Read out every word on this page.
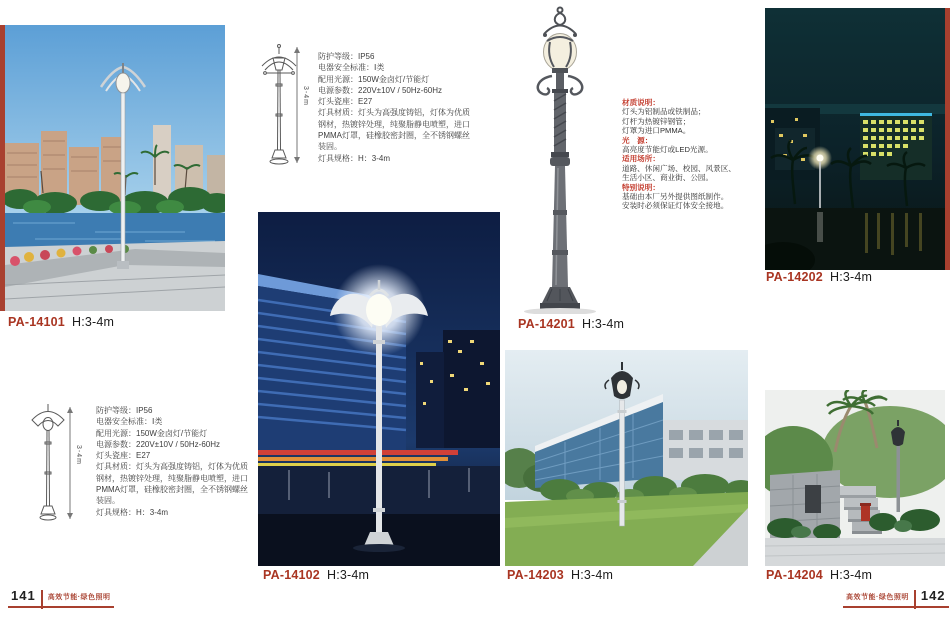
PA-14101 H:3-4m
3-4m
防护等级：IP56
电器安全标准：Ⅰ类
配用光源：150W金卤灯/节能灯
电源参数：220V±10V / 50Hz-60Hz
灯头瓷座：E27
灯具材质：灯头为高强度铸铝，灯体为优质
钢材，热镀锌处理，纯聚脂静电喷塑，进口
PMMA灯罩，硅橡胶密封圈，全不锈钢螺丝
装固。
灯具规格：H：3-4m
3-4m
防护等级：IP56
电器安全标准：Ⅰ类
配用光源：150W金卤灯/节能灯
电源参数：220V±10V / 50Hz-60Hz
灯头瓷座：E27
灯具材质：灯头为高强度铸铝，灯体为优质
钢材，热镀锌处理，纯聚脂静电喷塑，进口
PMMA灯罩，硅橡胶密封圈，全不锈钢螺丝
装固。
灯具规格：H：3-4m
PA-14102 H:3-4m
PA-14201 H:3-4m
材质说明：
灯头为铝制品或铁制品；
灯杆为热镀锌钢管；
灯罩为进口PMMA。
光　源：
高亮度节能灯或LED光源。
适用场所：
道路、休闲广场、校园、风景区、
生活小区、商业街、公园。
特别说明：
基础由本厂另外提供图纸制作。
安装时必须保证灯体安全接地。
PA-14202 H:3-4m
PA-14203 H:3-4m	PA-14204 H:3-4m
141 高效节能·绿色照明	高效节能·绿色照明 142
